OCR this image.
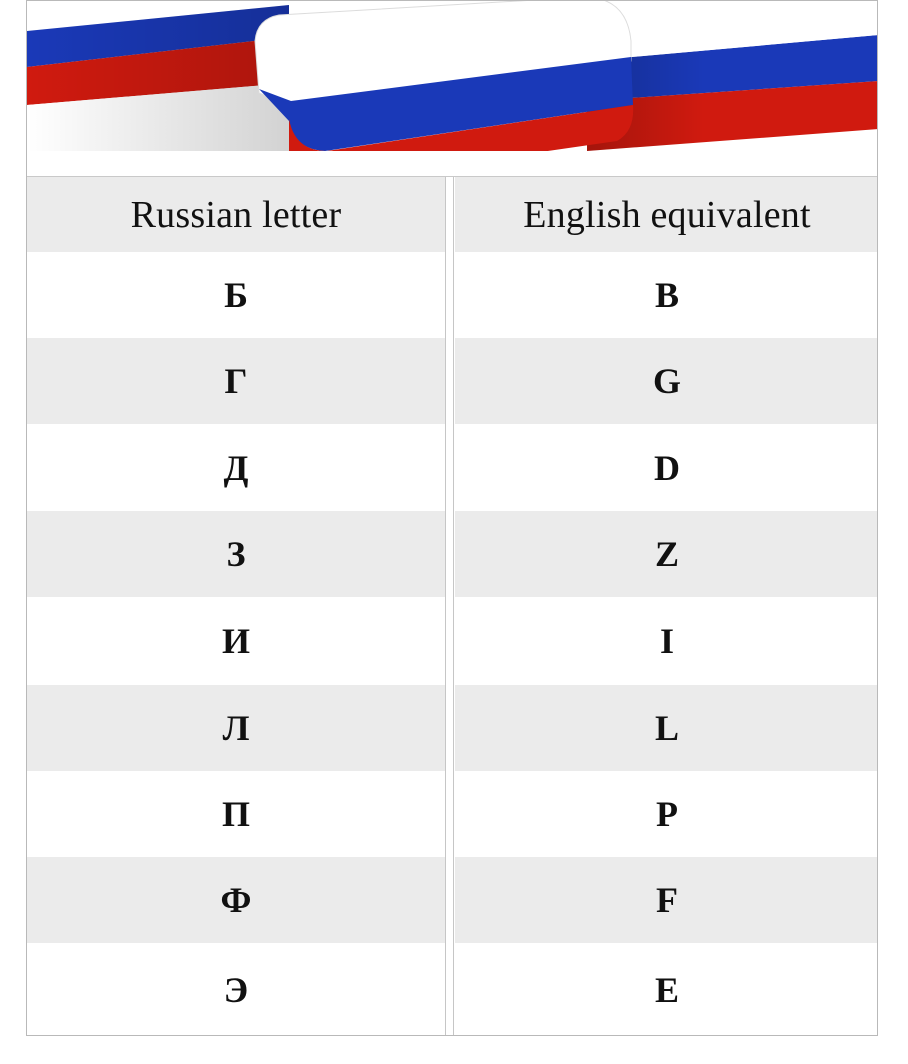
Russian letter
Б
Г
Д
З
И
Л
П
Ф
Э
English equivalent
B
G
D
Z
I
L
P
F
E
